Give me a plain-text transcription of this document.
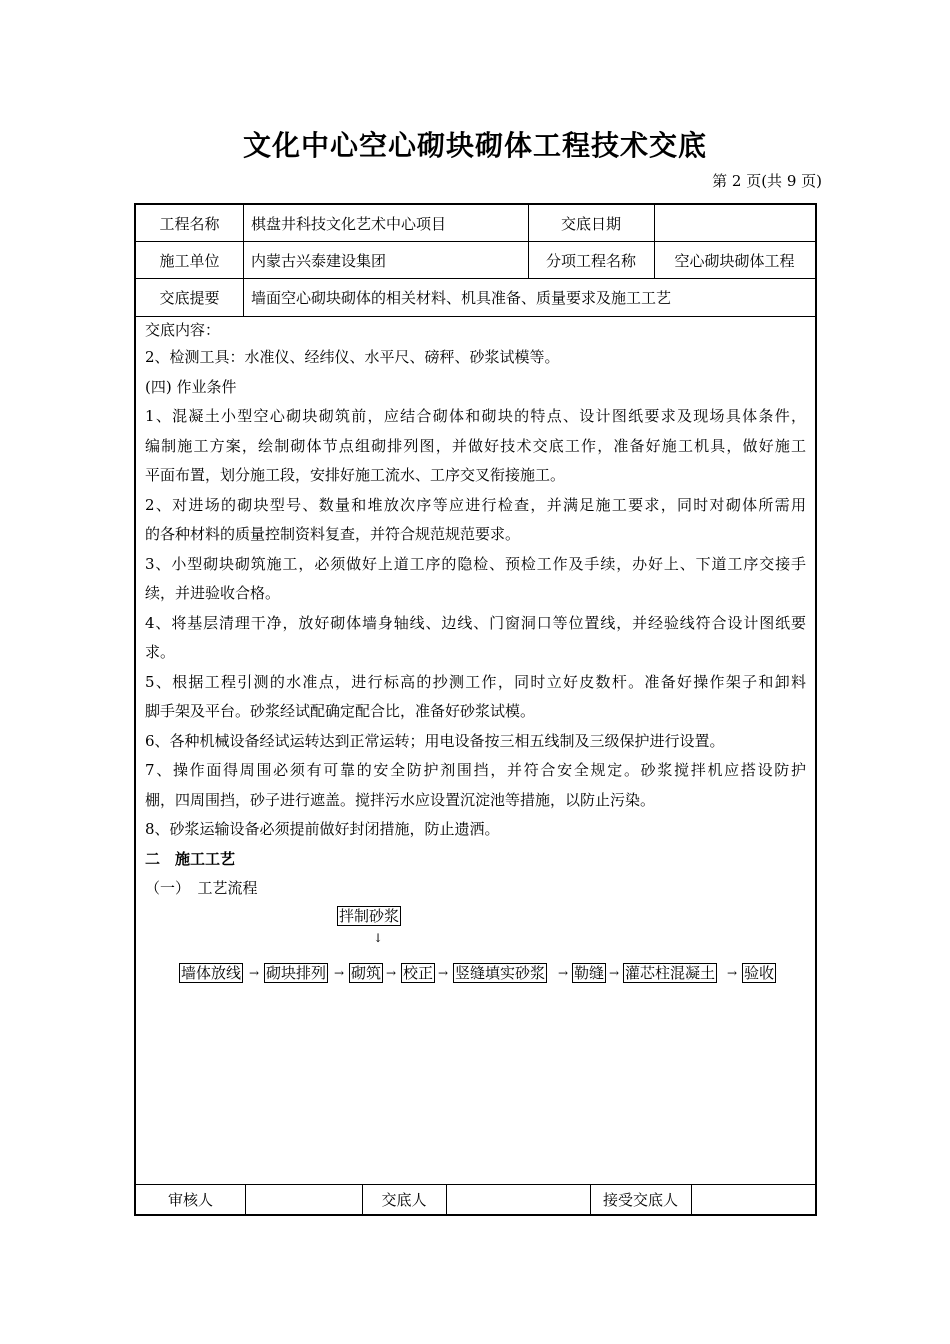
文化中心空心砌块砌体工程技术交底
第 2 页(共 9 页)
工程名称	棋盘井科技文化艺术中心项目	交底日期
施工单位	内蒙古兴泰建设集团	分项工程名称	空心砌块砌体工程
交底提要	墙面空心砌块砌体的相关材料、机具准备、质量要求及施工工艺
交底内容：
2、检测工具：水准仪、经纬仪、水平尺、磅秤、砂浆试模等。
(四) 作业条件
1、混凝土小型空心砌块砌筑前，应结合砌体和砌块的特点、设计图纸要求及现场具体条件，
编制施工方案，绘制砌体节点组砌排列图，并做好技术交底工作，准备好施工机具，做好施工
平面布置，划分施工段，安排好施工流水、工序交叉衔接施工。
2、对进场的砌块型号、数量和堆放次序等应进行检查，并满足施工要求，同时对砌体所需用
的各种材料的质量控制资料复查，并符合规范规范要求。
3、小型砌块砌筑施工，必须做好上道工序的隐检、预检工作及手续，办好上、下道工序交接手
续，并进验收合格。
4、将基层清理干净，放好砌体墙身轴线、边线、门窗洞口等位置线，并经验线符合设计图纸要
求。
5、根据工程引测的水准点，进行标高的抄测工作，同时立好皮数杆。准备好操作架子和卸料
脚手架及平台。砂浆经试配确定配合比，准备好砂浆试模。
6、各种机械设备经试运转达到正常运转；用电设备按三相五线制及三级保护进行设置。
7、操作面得周围必须有可靠的安全防护剂围挡，并符合安全规定。砂浆搅拌机应搭设防护
棚，四周围挡，砂子进行遮盖。搅拌污水应设置沉淀池等措施，以防止污染。
8、砂浆运输设备必须提前做好封闭措施，防止遗洒。
二　施工工艺
（一）　工艺流程
拌制砂浆
↓
墙体放线 → 砌块排列 → 砌筑 → 校正 → 竖缝填实砂浆 → 勒缝 → 灌芯柱混凝土 → 验收
审核人	交底人	接受交底人
